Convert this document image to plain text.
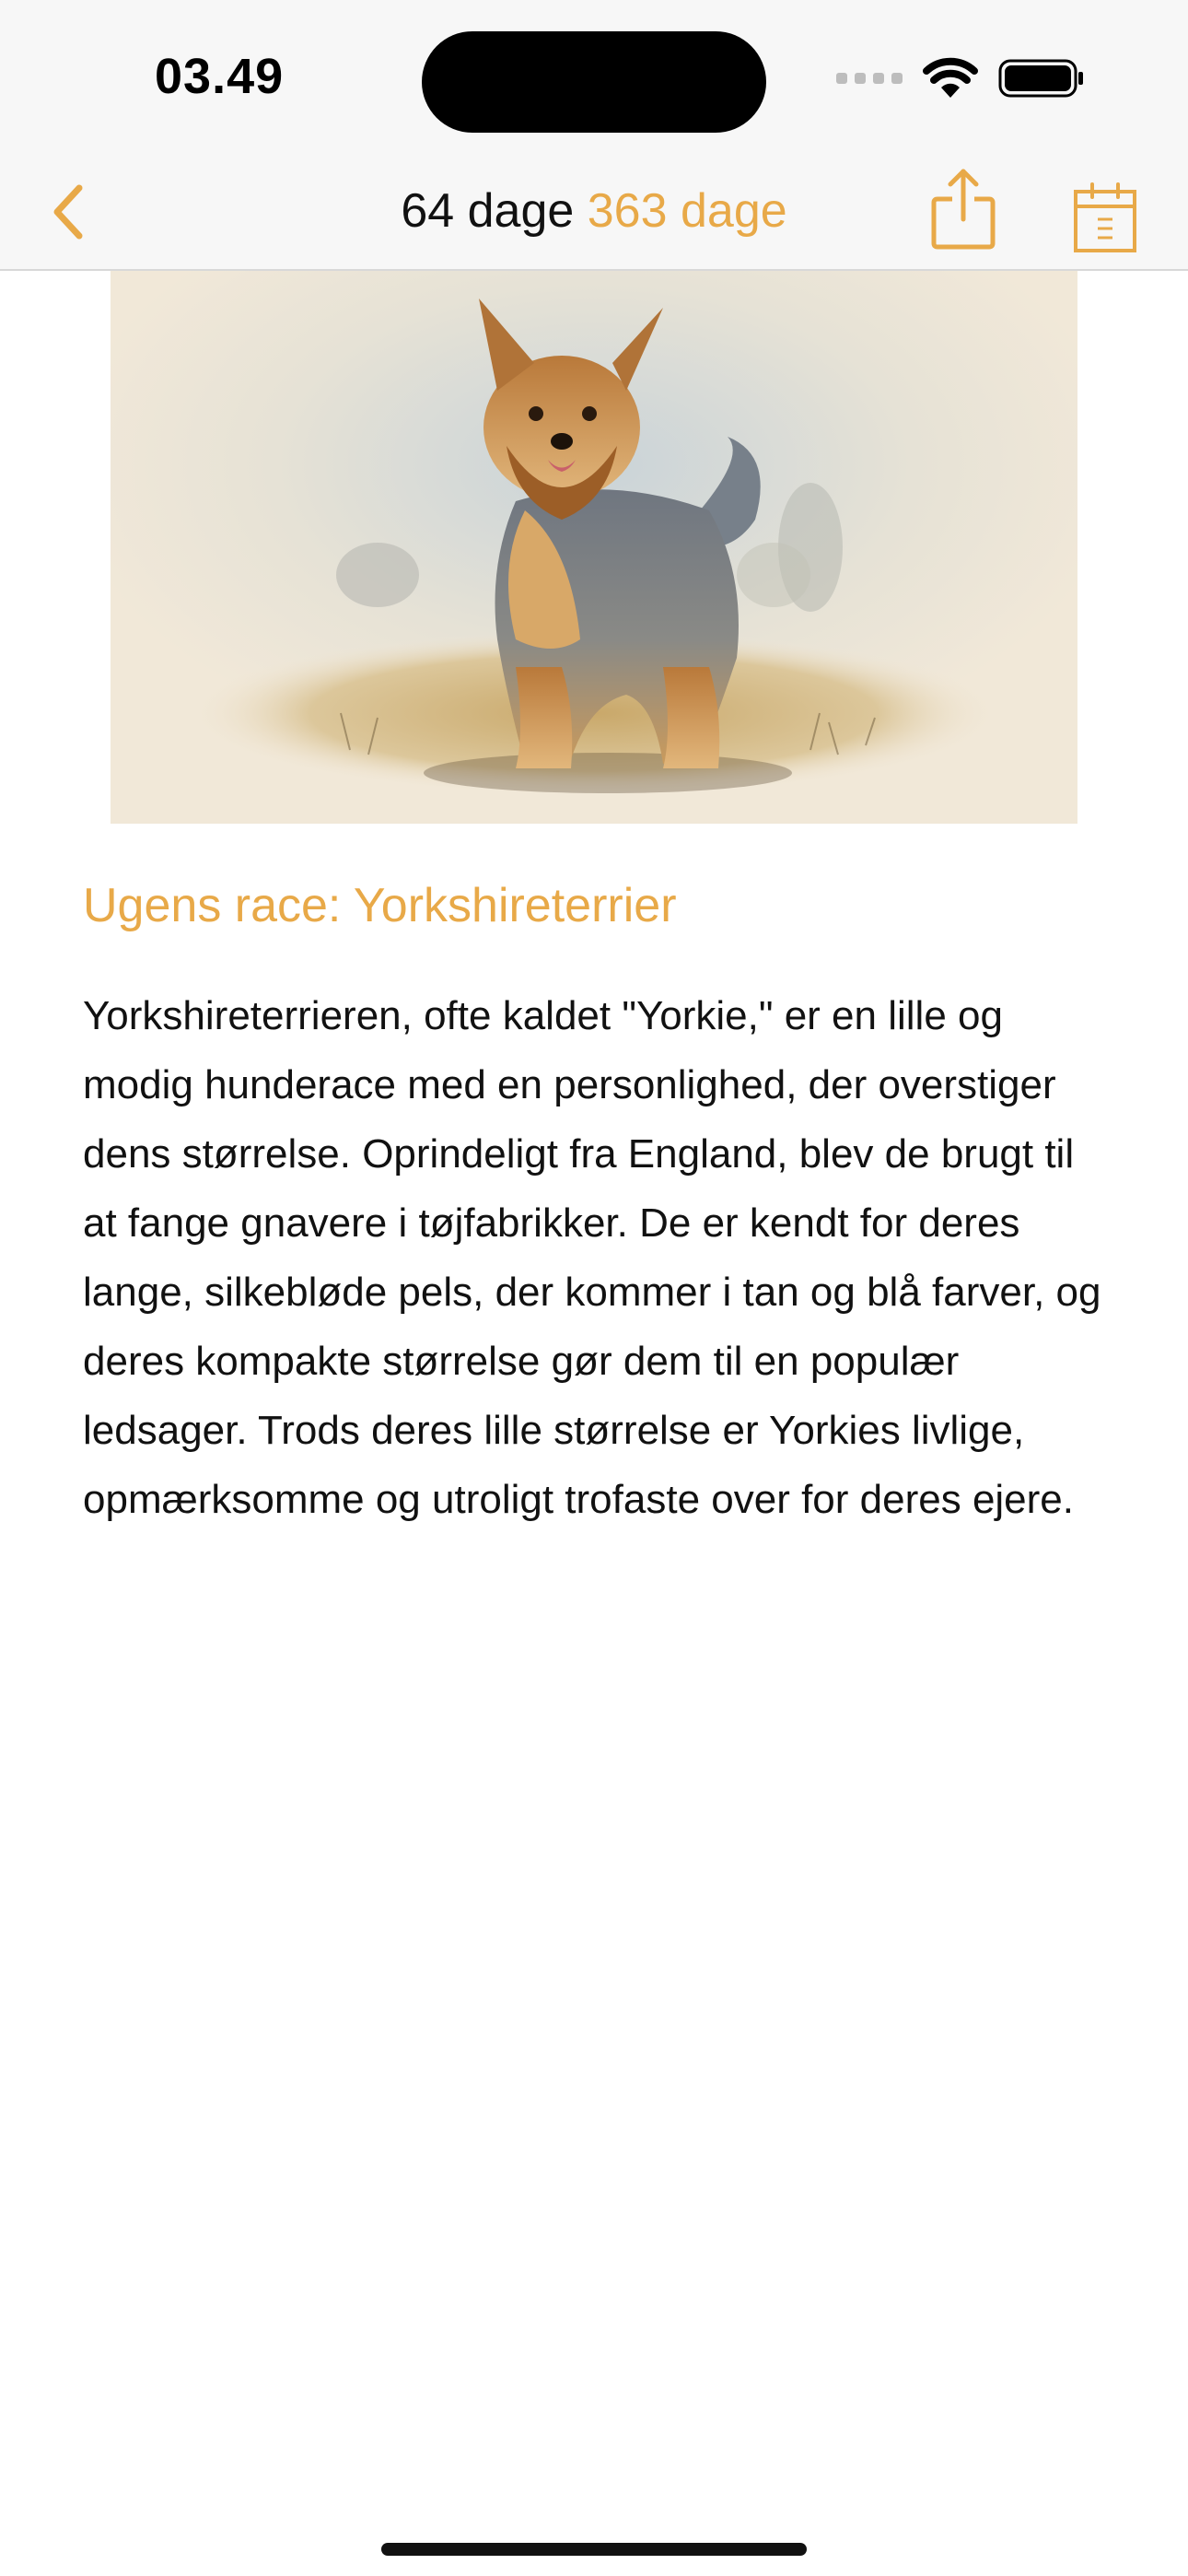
03.49
64 dage 363 dage
Ugens race: Yorkshireterrier
Yorkshireterrieren, ofte kaldet "Yorkie," er en lille og modig hunderace med en personlighed, der overstiger dens størrelse. Oprindeligt fra England, blev de brugt til at fange gnavere i tøjfabrikker. De er kendt for deres lange, silkebløde pels, der kommer i tan og blå farver, og deres kompakte størrelse gør dem til en populær ledsager. Trods deres lille størrelse er Yorkies livlige, opmærksomme og utroligt trofaste over for deres ejere.
